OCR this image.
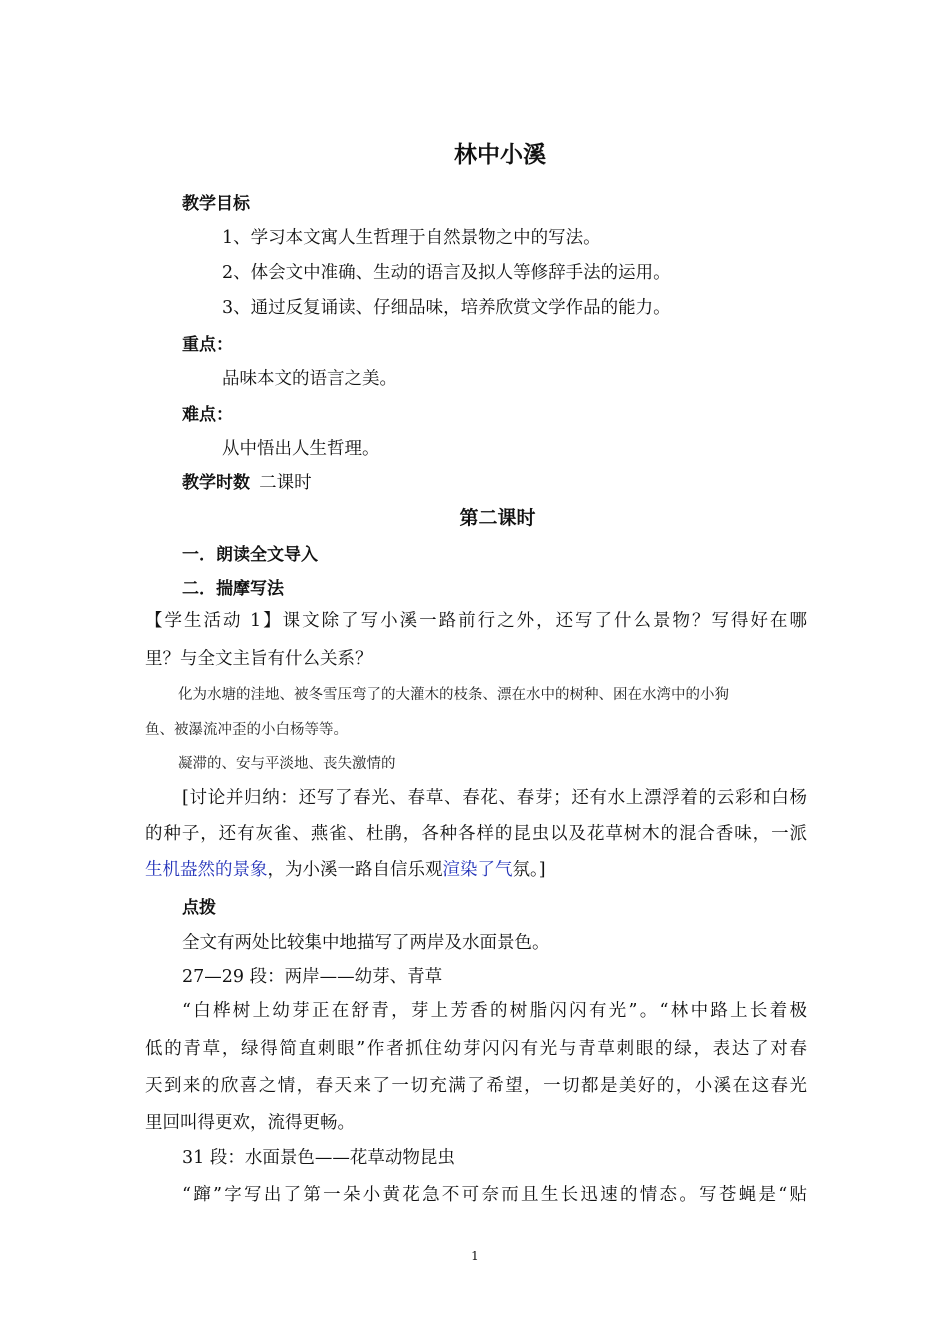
林中小溪

教学目标

1、学习本文寓人生哲理于自然景物之中的写法。

2、体会文中准确、生动的语言及拟人等修辞手法的运用。

3、通过反复诵读、仔细品味，培养欣赏文学作品的能力。

重点：

品味本文的语言之美。

难点：

从中悟出人生哲理。

教学时数 二课时

第二课时

一．朗读全文导入

二．揣摩写法

【学生活动 1】课文除了写小溪一路前行之外，还写了什么景物？写得好在哪

里？与全文主旨有什么关系？

化为水塘的洼地、被冬雪压弯了的大灌木的枝条、漂在水中的树种、困在水湾中的小狗

鱼、被瀑流冲歪的小白杨等等。

凝滞的、安与平淡地、丧失激情的

[讨论并归纳：还写了春光、春草、春花、春芽；还有水上漂浮着的云彩和白杨

的种子，还有灰雀、燕雀、杜鹃，各种各样的昆虫以及花草树木的混合香味，一派

生机盎然的景象，为小溪一路自信乐观渲染了气氛。]

点拨

全文有两处比较集中地描写了两岸及水面景色。

27—29 段：两岸——幼芽、青草

“白桦树上幼芽正在舒青，芽上芳香的树脂闪闪有光”。“林中路上长着极

低的青草，绿得简直刺眼”作者抓住幼芽闪闪有光与青草刺眼的绿，表达了对春

天到来的欣喜之情，春天来了一切充满了希望，一切都是美好的，小溪在这春光

里回叫得更欢，流得更畅。

31 段：水面景色——花草动物昆虫

“蹿”字写出了第一朵小黄花急不可奈而且生长迅速的情态。写苍蝇是“贴

1
